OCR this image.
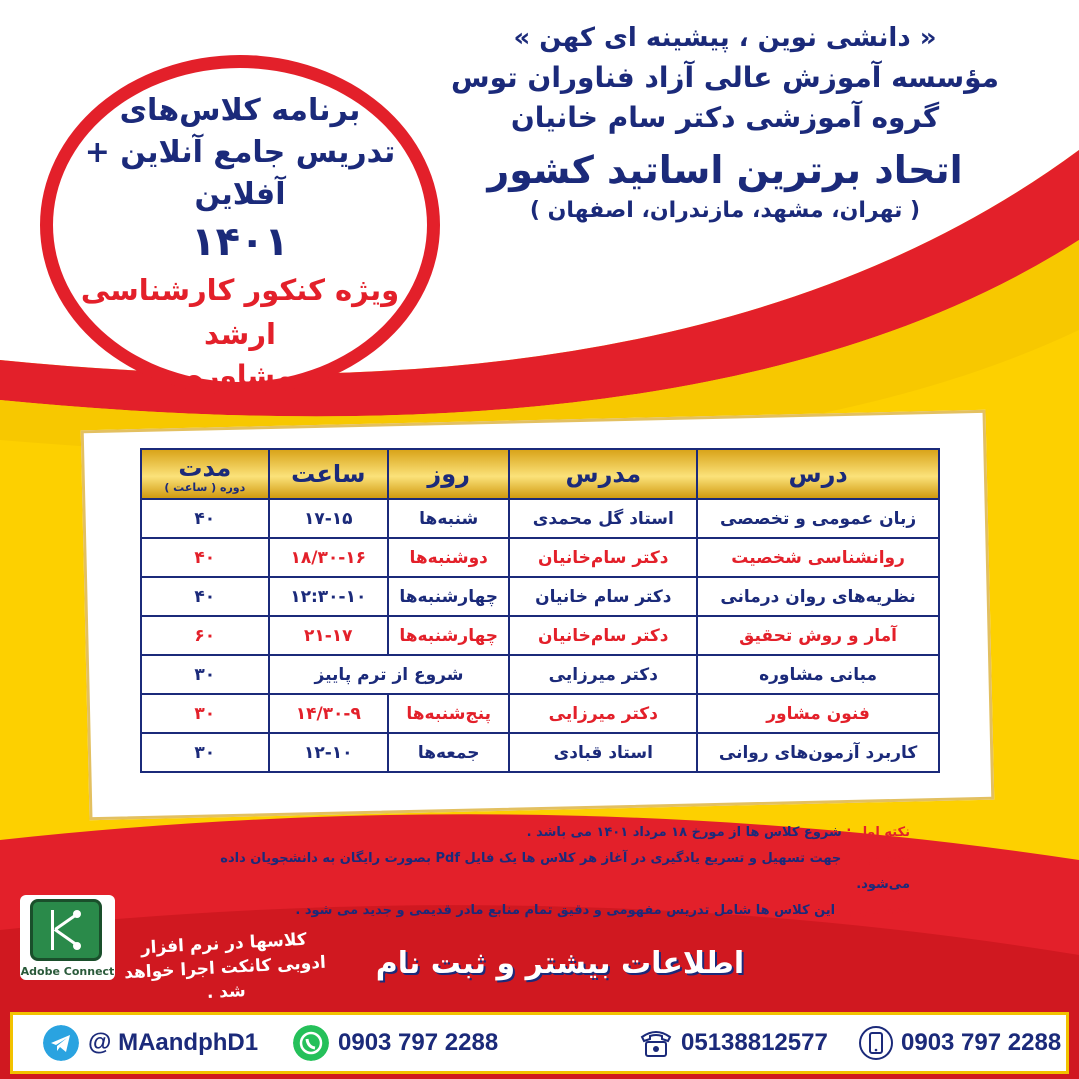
« دانشی نوین ، پیشینه ای کهن »
مؤسسه آموزش عالی آزاد فناوران توس
گروه آموزشی دکتر سام خانیان
اتحاد برترین اساتید کشور
( تهران، مشهد، مازندران، اصفهان )
برنامه کلاس‌های
تدریس جامع آنلاین + آفلاین
۱۴۰۱
ویژه کنکور کارشناسی ارشد
مشاوره
درس	مدرس	روز	ساعت	مدت
دوره ( ساعت )

زبان عمومی و تخصصی	استاد گل محمدی	شنبه‌ها	۱۷-۱۵	۴۰
روانشناسی شخصیت	دکتر سام‌خانیان	دوشنبه‌ها	۱۸/۳۰-۱۶	۴۰
نظریه‌های روان درمانی	دکتر سام خانیان	چهارشنبه‌ها	۱۲:۳۰-۱۰	۴۰
آمار و روش تحقیق	دکتر سام‌خانیان	چهارشنبه‌ها	۲۱-۱۷	۶۰
مبانی مشاوره	دکتر میرزایی	شروع از ترم پاییز		۳۰
فنون مشاور	دکتر میرزایی	پنج‌شنبه‌ها	۱۴/۳۰-۹	۳۰
کاربرد آزمون‌های روانی	استاد قبادی	جمعه‌ها	۱۲-۱۰	۳۰
نکته اول : شروع کلاس ها از مورخ ۱۸ مرداد ۱۴۰۱ می باشد .
نکته دوم : جهت تسهیل و تسریع یادگیری در آغاز هر کلاس ها یک فایل Pdf بصورت رایگان به دانشجویان داده می‌شود.
نکته سوم : این کلاس ها شامل تدریس مفهومی و دقیق تمام منابع مادر قدیمی و جدید می شود .
Adobe Connect
کلاسها در نرم افزار ادوبی کانکت اجرا خواهد شد .
اطلاعات بیشتر و ثبت نام
@ MAandphD1	0903 797 2288	05138812577	0903 797 2288
